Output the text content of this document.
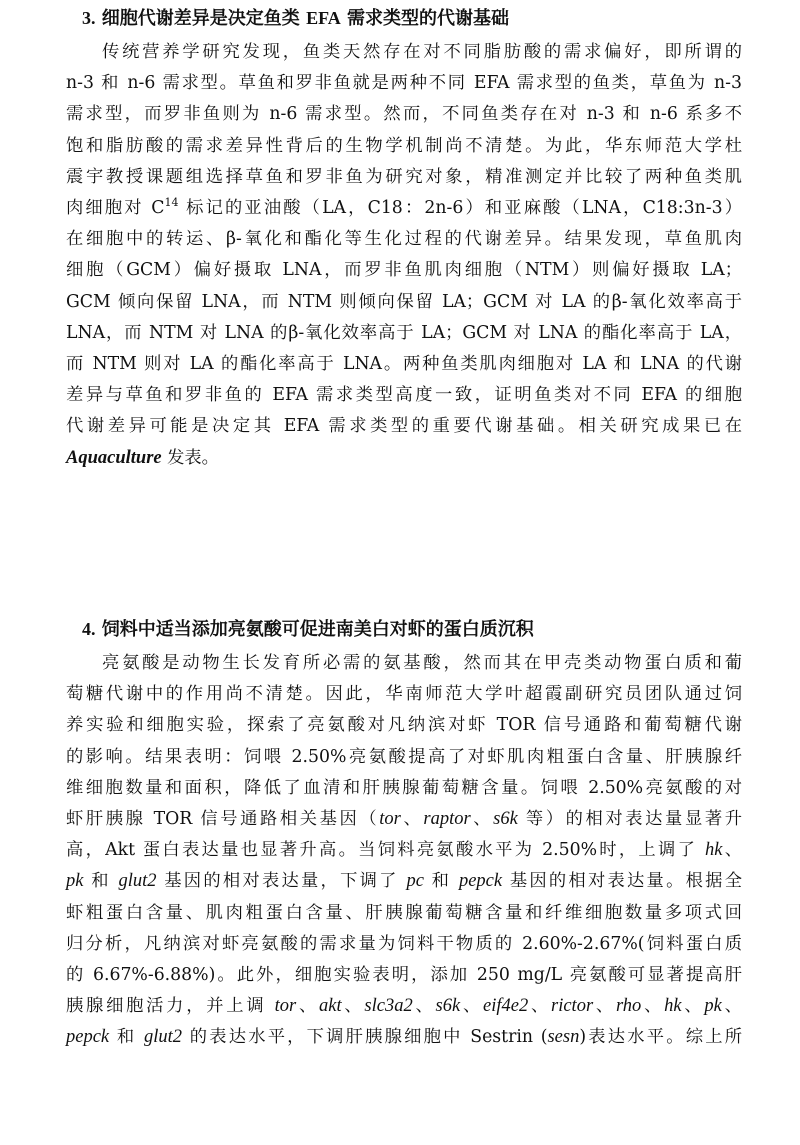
3. 细胞代谢差异是决定鱼类 EFA 需求类型的代谢基础
传统营养学研究发现，鱼类天然存在对不同脂肪酸的需求偏好，即所谓的
n-3 和 n-6 需求型。草鱼和罗非鱼就是两种不同 EFA 需求型的鱼类，草鱼为 n-3
需求型，而罗非鱼则为 n-6 需求型。然而，不同鱼类存在对 n-3 和 n-6 系多不
饱和脂肪酸的需求差异性背后的生物学机制尚不清楚。为此，华东师范大学杜
震宇教授课题组选择草鱼和罗非鱼为研究对象，精准测定并比较了两种鱼类肌
肉细胞对 $C^{14}$ 标记的亚油酸（LA，C18：2n-6）和亚麻酸（LNA，C18:3n-3）
在细胞中的转运、β-氧化和酯化等生化过程的代谢差异。结果发现，草鱼肌肉
细胞（GCM）偏好摄取 LNA，而罗非鱼肌肉细胞（NTM）则偏好摄取 LA；
GCM 倾向保留 LNA，而 NTM 则倾向保留 LA；GCM 对 LA 的β-氧化效率高于
LNA，而 NTM 对 LNA 的β-氧化效率高于 LA；GCM 对 LNA 的酯化率高于 LA，
而 NTM 则对 LA 的酯化率高于 LNA。两种鱼类肌肉细胞对 LA 和 LNA 的代谢
差异与草鱼和罗非鱼的 EFA 需求类型高度一致，证明鱼类对不同 EFA 的细胞
代谢差异可能是决定其 EFA 需求类型的重要代谢基础。相关研究成果已在
Aquaculture 发表。
4. 饲料中适当添加亮氨酸可促进南美白对虾的蛋白质沉积
亮氨酸是动物生长发育所必需的氨基酸，然而其在甲壳类动物蛋白质和葡
萄糖代谢中的作用尚不清楚。因此，华南师范大学叶超霞副研究员团队通过饲
养实验和细胞实验，探索了亮氨酸对凡纳滨对虾 TOR 信号通路和葡萄糖代谢
的影响。结果表明：饲喂 2.50%亮氨酸提高了对虾肌肉粗蛋白含量、肝胰腺纤
维细胞数量和面积，降低了血清和肝胰腺葡萄糖含量。饲喂 2.50%亮氨酸的对
虾肝胰腺 TOR 信号通路相关基因（tor、raptor、s6k 等）的相对表达量显著升
高，Akt 蛋白表达量也显著升高。当饲料亮氨酸水平为 2.50%时，上调了 hk、
pk 和 glut2 基因的相对表达量，下调了 pc 和 pepck 基因的相对表达量。根据全
虾粗蛋白含量、肌肉粗蛋白含量、肝胰腺葡萄糖含量和纤维细胞数量多项式回
归分析，凡纳滨对虾亮氨酸的需求量为饲料干物质的 2.60%-2.67%(饲料蛋白质
的 6.67%-6.88%)。此外，细胞实验表明，添加 250 mg/L 亮氨酸可显著提高肝
胰腺细胞活力，并上调 tor、akt、slc3a2、s6k、eif4e2、rictor、rho、hk、pk、
pepck 和 glut2 的表达水平，下调肝胰腺细胞中 Sestrin (sesn)表达水平。综上所
